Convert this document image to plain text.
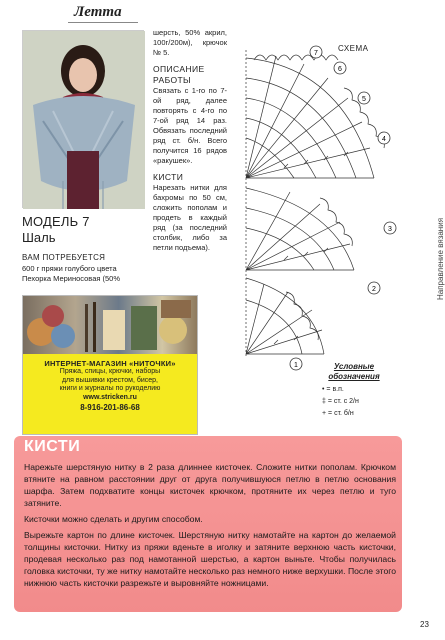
Летта
МОДЕЛЬ 7
Шаль
ВАМ ПОТРЕБУЕТСЯ
600 г пряжи голубого цвета Пехорка Мериносовая (50%
шерсть, 50% акрил, 100г/200м), крючок № 5.
ОПИСАНИЕ РАБОТЫ
Связать с 1-го по 7-ой ряд, далее повторять с 4-го по 7-ой ряд 14 раз. Обвязать последний ряд ст. б/н. Всего получится 16 рядов «ракушек».
КИСТИ
Нарезать нитки для бахромы по 50 см, сложить пополам и продеть в каждый ряд (за последний столбик, либо за петли подъема).
ИНТЕРНЕТ-МАГАЗИН «НИТОЧКИ»
Пряжа, спицы, крючки, наборы
для вышивки крестом, бисер,
книги и журналы по рукоделию
www.stricken.ru
8-916-201-86-68
СХЕМА
7
6
5
4
3
2
1
Направление вязания
Условные обозначения
• = в.п.
‡ = ст. с 2/н
+ = ст. б/н
КИСТИ

Нарежьте шерстяную нитку в 2 раза длиннее кисточек. Сложите нитки пополам. Крючком втяните на равном расстоянии друг от друга получившуюся петлю в петлю основания шарфа. Затем подхватите концы кисточек крючком, протяните их через петлю и туго затяните.

Кисточки можно сделать и другим способом.

Вырежьте картон по длине кисточек. Шерстяную нитку намотайте на картон до желаемой толщины кисточки. Нитку из пряжи вденьте в иголку и затяните верхнюю часть кисточки, продевая несколько раз под намотанной шерстью, а картон выньте. Чтобы получилась головка кисточки, ту же нитку намотайте несколько раз немного ниже верхушки. После этого нижнюю часть кисточки разрежьте и выровняйте ножницами.

23
